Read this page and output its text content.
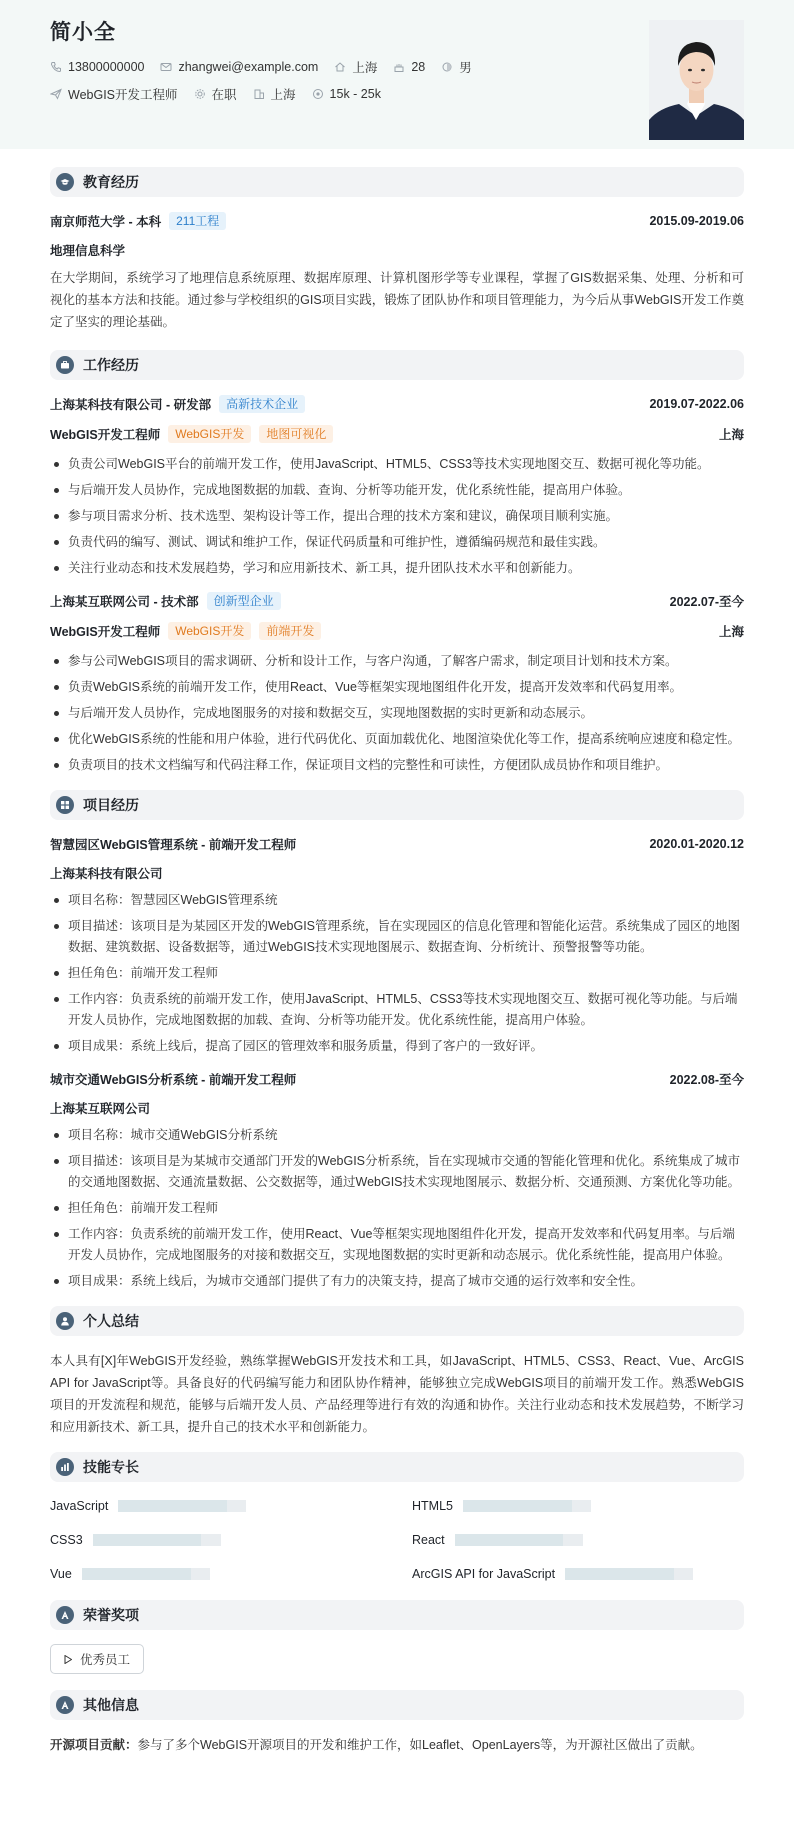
简小全
13800000000	zhangwei@example.com	上海	28	男
WebGIS开发工程师	在职	上海	15k - 25k
教育经历
南京师范大学 - 本科	211工程	2015.09-2019.06
地理信息科学

在大学期间，系统学习了地理信息系统原理、数据库原理、计算机图形学等专业课程，掌握了GIS数据采集、处理、分析和可视化的基本方法和技能。通过参与学校组织的GIS项目实践，锻炼了团队协作和项目管理能力，为今后从事WebGIS开发工作奠定了坚实的理论基础。

工作经历
上海某科技有限公司 - 研发部	高新技术企业	2019.07-2022.06
WebGIS开发工程师	WebGIS开发	地图可视化	上海
负责公司WebGIS平台的前端开发工作，使用JavaScript、HTML5、CSS3等技术实现地图交互、数据可视化等功能。
与后端开发人员协作，完成地图数据的加载、查询、分析等功能开发，优化系统性能，提高用户体验。
参与项目需求分析、技术选型、架构设计等工作，提出合理的技术方案和建议，确保项目顺利实施。
负责代码的编写、测试、调试和维护工作，保证代码质量和可维护性，遵循编码规范和最佳实践。
关注行业动态和技术发展趋势，学习和应用新技术、新工具，提升团队技术水平和创新能力。
上海某互联网公司 - 技术部	创新型企业	2022.07-至今
WebGIS开发工程师	WebGIS开发	前端开发	上海
参与公司WebGIS项目的需求调研、分析和设计工作，与客户沟通，了解客户需求，制定项目计划和技术方案。
负责WebGIS系统的前端开发工作，使用React、Vue等框架实现地图组件化开发，提高开发效率和代码复用率。
与后端开发人员协作，完成地图服务的对接和数据交互，实现地图数据的实时更新和动态展示。
优化WebGIS系统的性能和用户体验，进行代码优化、页面加载优化、地图渲染优化等工作，提高系统响应速度和稳定性。
负责项目的技术文档编写和代码注释工作，保证项目文档的完整性和可读性，方便团队成员协作和项目维护。
项目经历
智慧园区WebGIS管理系统 - 前端开发工程师	2020.01-2020.12
上海某科技有限公司
项目名称：智慧园区WebGIS管理系统
项目描述：该项目是为某园区开发的WebGIS管理系统，旨在实现园区的信息化管理和智能化运营。系统集成了园区的地图数据、建筑数据、设备数据等，通过WebGIS技术实现地图展示、数据查询、分析统计、预警报警等功能。
担任角色：前端开发工程师
工作内容：负责系统的前端开发工作，使用JavaScript、HTML5、CSS3等技术实现地图交互、数据可视化等功能。与后端开发人员协作，完成地图数据的加载、查询、分析等功能开发。优化系统性能，提高用户体验。
项目成果：系统上线后，提高了园区的管理效率和服务质量，得到了客户的一致好评。
城市交通WebGIS分析系统 - 前端开发工程师	2022.08-至今
上海某互联网公司
项目名称：城市交通WebGIS分析系统
项目描述：该项目是为某城市交通部门开发的WebGIS分析系统，旨在实现城市交通的智能化管理和优化。系统集成了城市的交通地图数据、交通流量数据、公交数据等，通过WebGIS技术实现地图展示、数据分析、交通预测、方案优化等功能。
担任角色：前端开发工程师
工作内容：负责系统的前端开发工作，使用React、Vue等框架实现地图组件化开发，提高开发效率和代码复用率。与后端开发人员协作，完成地图服务的对接和数据交互，实现地图数据的实时更新和动态展示。优化系统性能，提高用户体验。
项目成果：系统上线后，为城市交通部门提供了有力的决策支持，提高了城市交通的运行效率和安全性。
个人总结

本人具有[X]年WebGIS开发经验，熟练掌握WebGIS开发技术和工具，如JavaScript、HTML5、CSS3、React、Vue、ArcGIS API for JavaScript等。具备良好的代码编写能力和团队协作精神，能够独立完成WebGIS项目的前端开发工作。熟悉WebGIS项目的开发流程和规范，能够与后端开发人员、产品经理等进行有效的沟通和协作。关注行业动态和技术发展趋势，不断学习和应用新技术、新工具，提升自己的技术水平和创新能力。

技能专长
JavaScript	HTML5
CSS3	React
Vue	ArcGIS API for JavaScript
荣誉奖项
优秀员工
其他信息

开源项目贡献：参与了多个WebGIS开源项目的开发和维护工作，如Leaflet、OpenLayers等，为开源社区做出了贡献。
